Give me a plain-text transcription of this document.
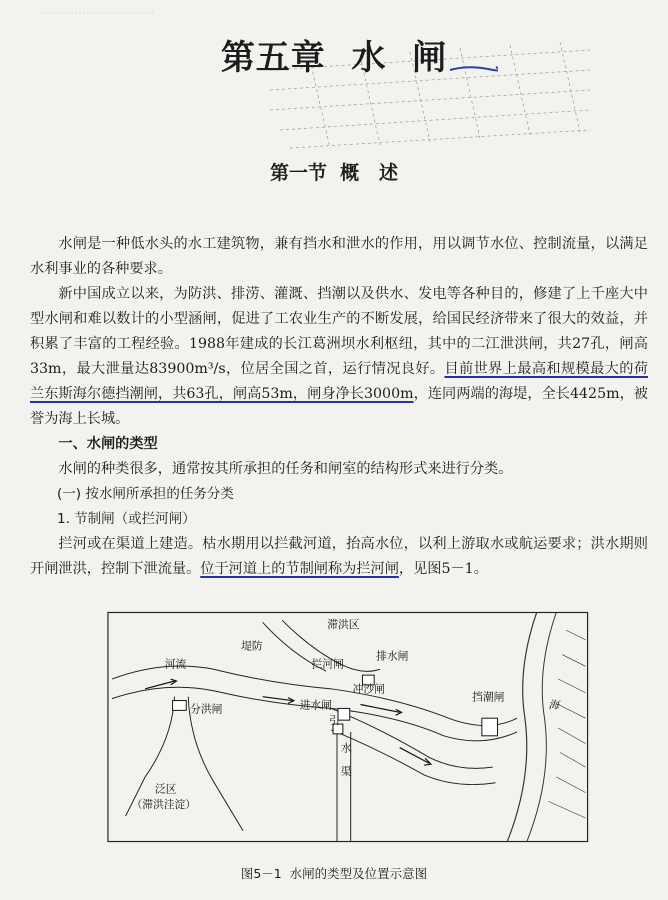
······························
第五章  水  闸
第一节  概   述

水闸是一种低水头的水工建筑物，兼有挡水和泄水的作用，用以调节水位、控制流量，以满足水利事业的各种要求。

新中国成立以来，为防洪、排涝、灌溉、挡潮以及供水、发电等各种目的，修建了上千座大中型水闸和难以数计的小型涵闸，促进了工农业生产的不断发展，给国民经济带来了很大的效益，并积累了丰富的工程经验。1988年建成的长江葛洲坝水利枢纽，其中的二江泄洪闸，共27孔，闸高33m，最大泄量达83900m³/s，位居全国之首，运行情况良好。目前世界上最高和规模最大的荷兰东斯海尔德挡潮闸，共63孔，闸高53m，闸身净长3000m，连同两端的海堤，全长4425m，被誉为海上长城。

一、水闸的类型

水闸的种类很多，通常按其所承担的任务和闸室的结构形式来进行分类。

(一) 按水闸所承担的任务分类
1. 节制闸（或拦河闸）

拦河或在渠道上建造。枯水期用以拦截河道，抬高水位，以利上游取水或航运要求；洪水期则开闸泄洪，控制下泄流量。位于河道上的节制闸称为拦河闸，见图5－1。

滞洪区
堤防
河流	拦河闸
排水闸
分洪闸	进水闸
冲沙闸
挡潮闸
引
水
渠
泛区
（滞洪洼淀）
海
图5－1  水闸的类型及位置示意图
